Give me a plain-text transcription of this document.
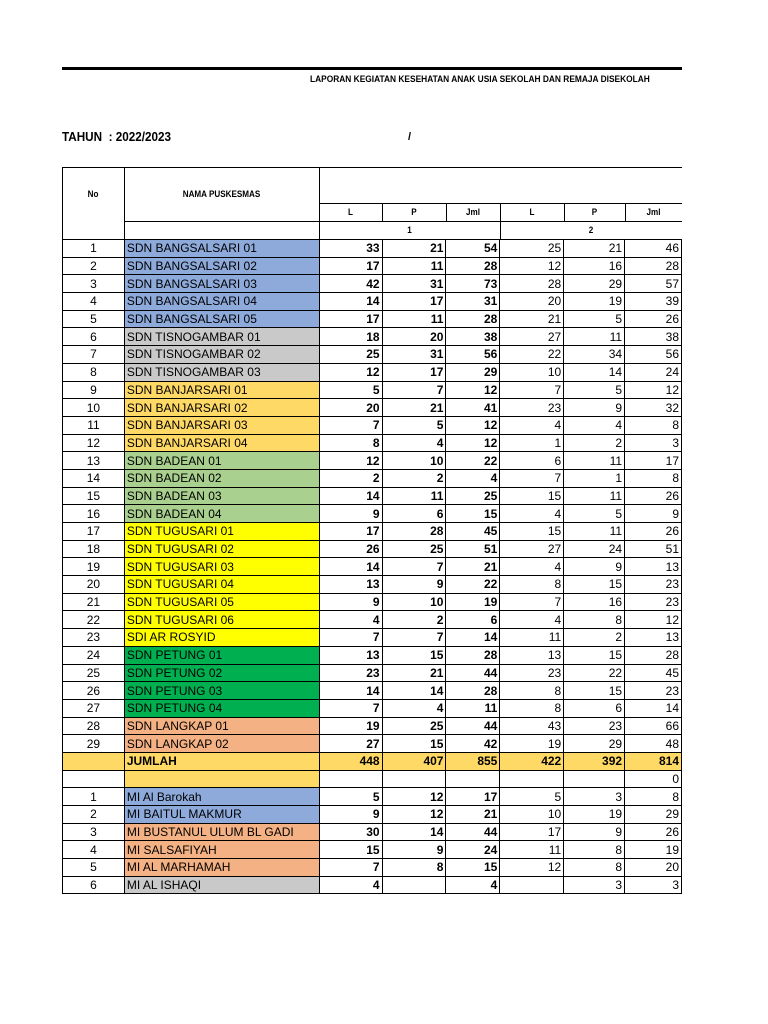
LAPORAN KEGIATAN KESEHATAN ANAK USIA SEKOLAH DAN REMAJA DISEKOLAH
TAHUN : 2022/2023	/
No	NAMA PUSKESMAS
L	P	Jml	L	P	Jml
1	2
1	SDN BANGSALSARI 01	33	21	54	25	21	46
2	SDN BANGSALSARI 02	17	11	28	12	16	28
3	SDN BANGSALSARI 03	42	31	73	28	29	57
4	SDN BANGSALSARI 04	14	17	31	20	19	39
5	SDN BANGSALSARI 05	17	11	28	21	5	26
6	SDN TISNOGAMBAR 01	18	20	38	27	11	38
7	SDN TISNOGAMBAR 02	25	31	56	22	34	56
8	SDN TISNOGAMBAR 03	12	17	29	10	14	24
9	SDN BANJARSARI 01	5	7	12	7	5	12
10	SDN BANJARSARI 02	20	21	41	23	9	32
11	SDN BANJARSARI 03	7	5	12	4	4	8
12	SDN BANJARSARI 04	8	4	12	1	2	3
13	SDN BADEAN 01	12	10	22	6	11	17
14	SDN BADEAN 02	2	2	4	7	1	8
15	SDN BADEAN 03	14	11	25	15	11	26
16	SDN BADEAN 04	9	6	15	4	5	9
17	SDN TUGUSARI 01	17	28	45	15	11	26
18	SDN TUGUSARI 02	26	25	51	27	24	51
19	SDN TUGUSARI 03	14	7	21	4	9	13
20	SDN TUGUSARI 04	13	9	22	8	15	23
21	SDN TUGUSARI 05	9	10	19	7	16	23
22	SDN TUGUSARI 06	4	2	6	4	8	12
23	SDI AR ROSYID	7	7	14	11	2	13
24	SDN PETUNG 01	13	15	28	13	15	28
25	SDN PETUNG 02	23	21	44	23	22	45
26	SDN PETUNG 03	14	14	28	8	15	23
27	SDN PETUNG 04	7	4	11	8	6	14
28	SDN LANGKAP 01	19	25	44	43	23	66
29	SDN LANGKAP 02	27	15	42	19	29	48
	JUMLAH	448	407	855	422	392	814
							0
1	MI Al Barokah	5	12	17	5	3	8
2	MI BAITUL MAKMUR	9	12	21	10	19	29
3	MI BUSTANUL ULUM BL GADI	30	14	44	17	9	26
4	MI SALSAFIYAH	15	9	24	11	8	19
5	MI AL MARHAMAH	7	8	15	12	8	20
6	MI AL ISHAQI	4		4		3	3
